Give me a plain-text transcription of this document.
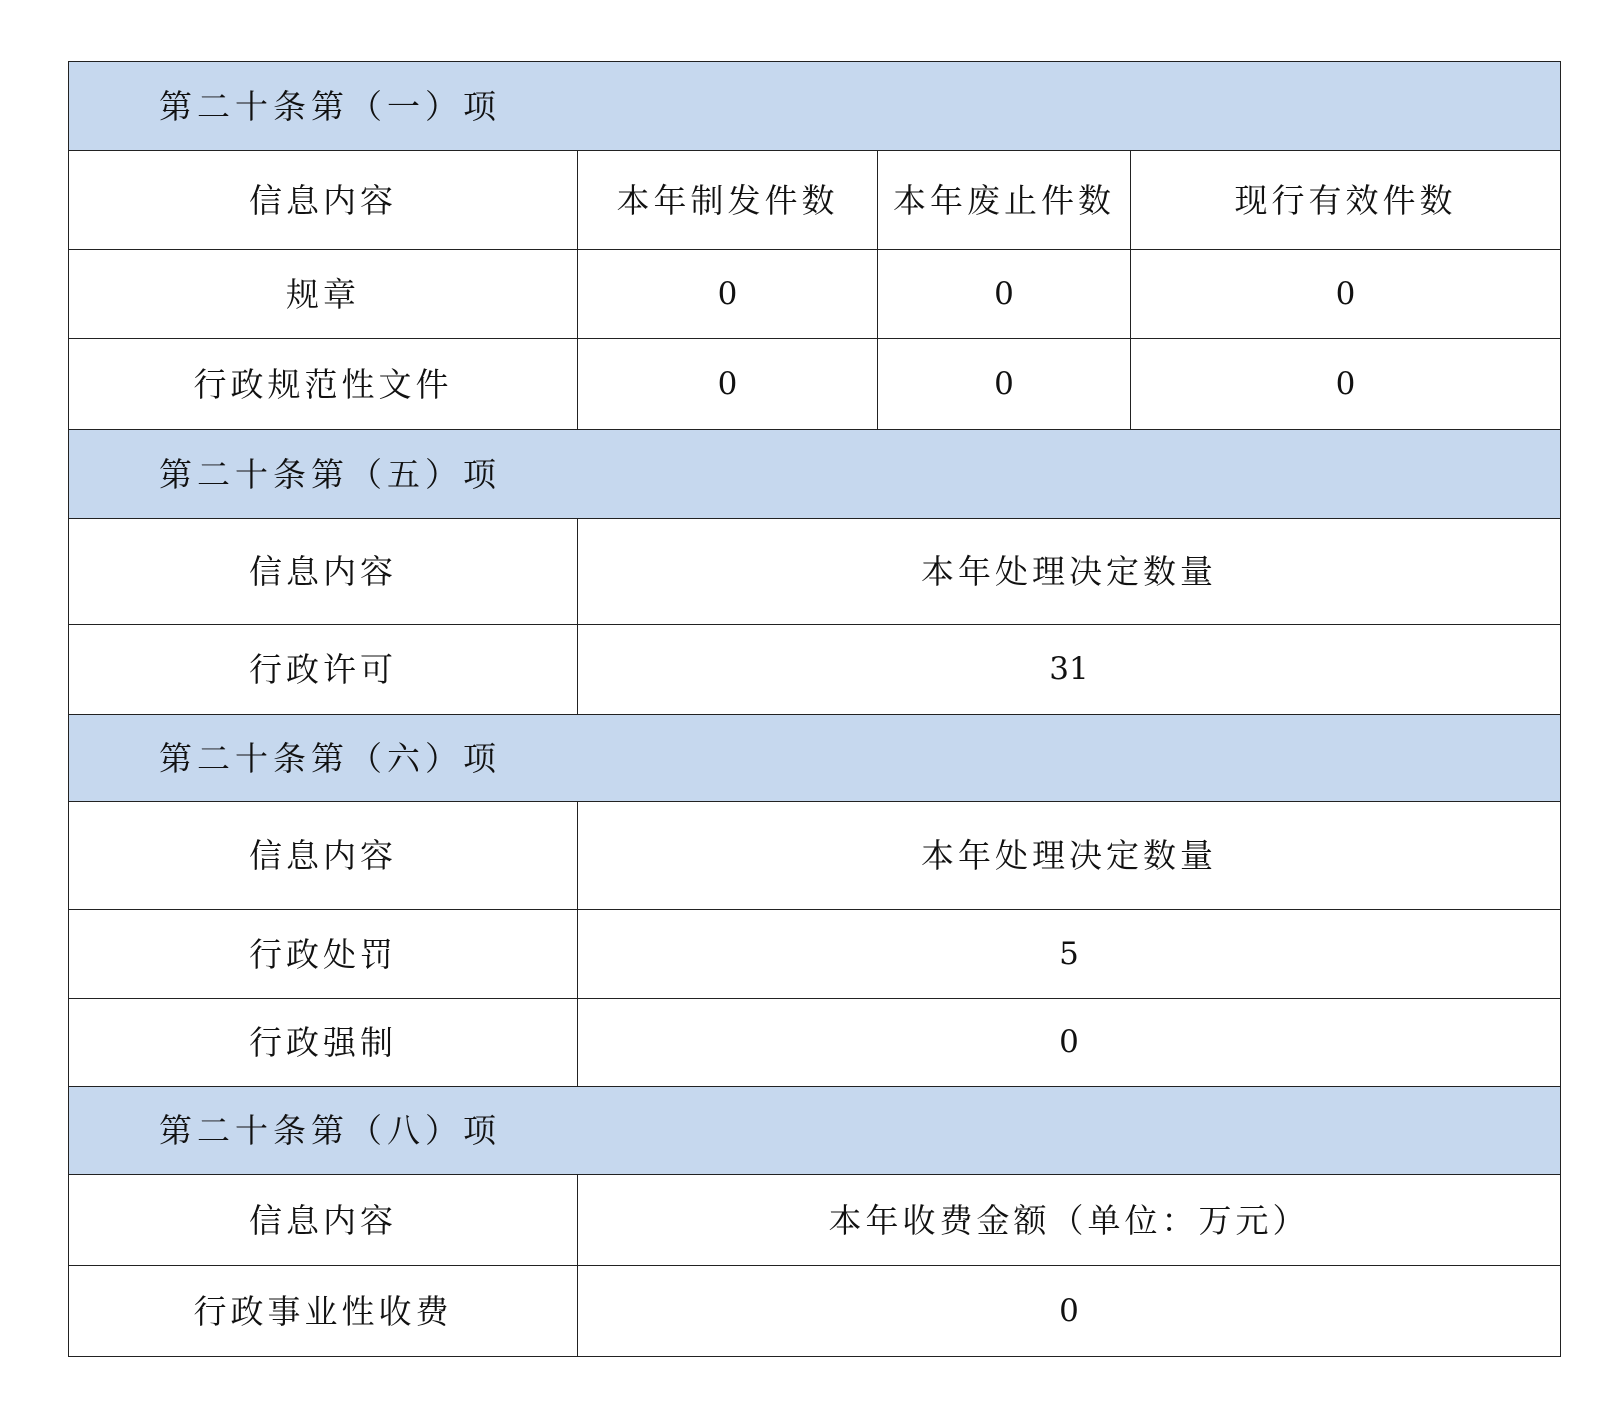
第二十条第（一）项			
信息内容	本年制发件数	本年废止件数	现行有效件数
规章	0	0	0
行政规范性文件	0	0	0
第二十条第（五）项			
信息内容	本年处理决定数量		
行政许可	31		
第二十条第（六）项			
信息内容	本年处理决定数量		
行政处罚	5		
行政强制	0		
第二十条第（八）项			
信息内容	本年收费金额（单位：万元）		
行政事业性收费	0		
